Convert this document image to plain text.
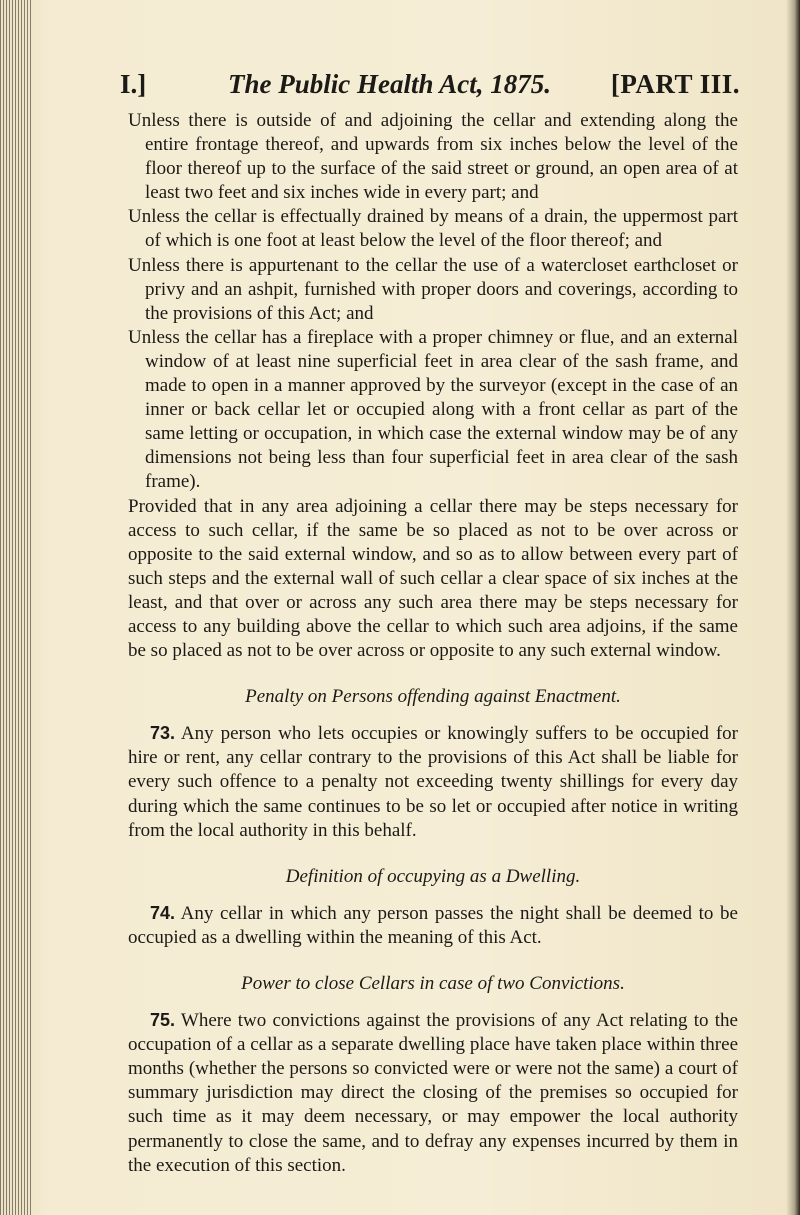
I.]	The Public Health Act, 1875. [PART III.

Unless there is outside of and adjoining the cellar and extending along the entire frontage thereof, and upwards from six inches below the level of the floor thereof up to the surface of the said street or ground, an open area of at least two feet and six inches wide in every part; and

Unless the cellar is effectually drained by means of a drain, the uppermost part of which is one foot at least below the level of the floor thereof; and

Unless there is appurtenant to the cellar the use of a watercloset earthcloset or privy and an ashpit, furnished with proper doors and coverings, according to the provisions of this Act; and

Unless the cellar has a fireplace with a proper chimney or flue, and an external window of at least nine superficial feet in area clear of the sash frame, and made to open in a manner approved by the surveyor (except in the case of an inner or back cellar let or occupied along with a front cellar as part of the same letting or occupation, in which case the external window may be of any dimensions not being less than four superficial feet in area clear of the sash frame).

Provided that in any area adjoining a cellar there may be steps necessary for access to such cellar, if the same be so placed as not to be over across or opposite to the said external window, and so as to allow between every part of such steps and the external wall of such cellar a clear space of six inches at the least, and that over or across any such area there may be steps necessary for access to any building above the cellar to which such area adjoins, if the same be so placed as not to be over across or opposite to any such external window.

Penalty on Persons offending against Enactment.

73. Any person who lets occupies or knowingly suffers to be occupied for hire or rent, any cellar contrary to the provisions of this Act shall be liable for every such offence to a penalty not exceeding twenty shillings for every day during which the same continues to be so let or occupied after notice in writing from the local authority in this behalf.

Definition of occupying as a Dwelling.

74. Any cellar in which any person passes the night shall be deemed to be occupied as a dwelling within the meaning of this Act.

Power to close Cellars in case of two Convictions.

75. Where two convictions against the provisions of any Act relating to the occupation of a cellar as a separate dwelling place have taken place within three months (whether the persons so convicted were or were not the same) a court of summary jurisdiction may direct the closing of the premises so occupied for such time as it may deem necessary, or may empower the local authority permanently to close the same, and to defray any expenses incurred by them in the execution of this section.
